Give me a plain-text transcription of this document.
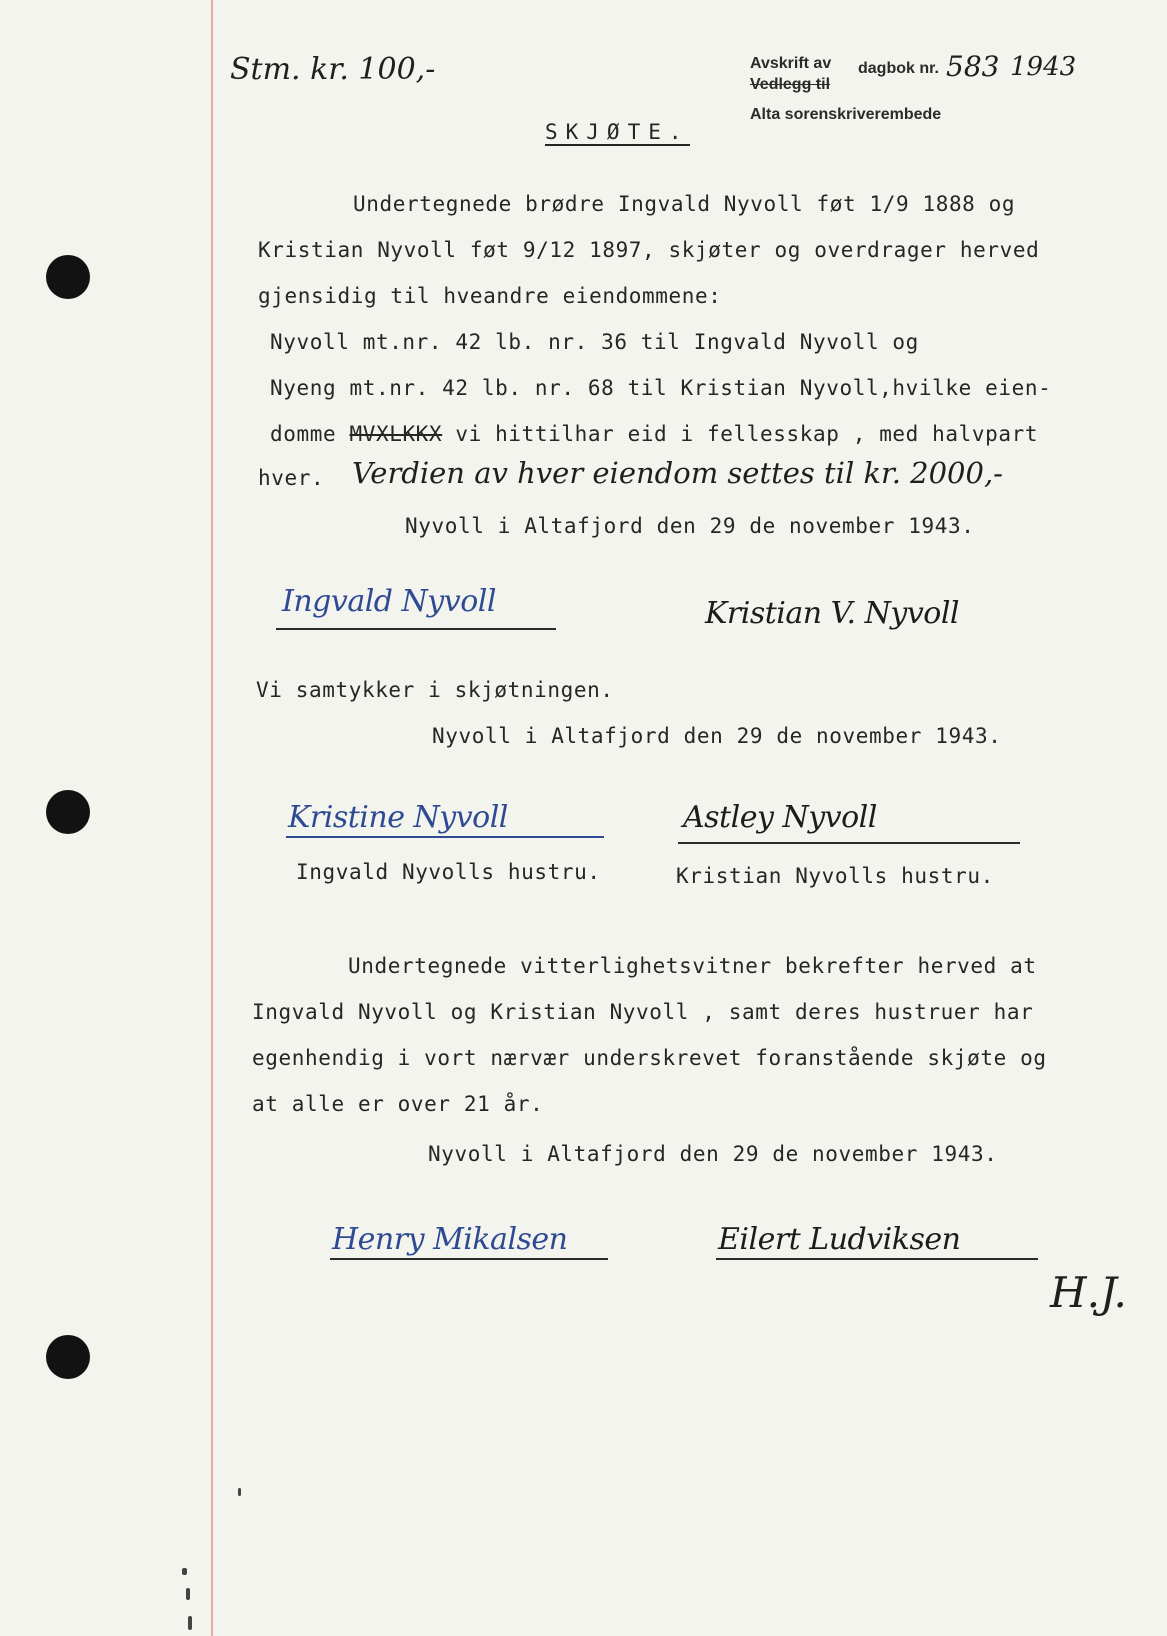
Stm. kr. 100,-	Avskrift av
Vedlegg til
dagbok nr. 583 1943
Alta sorenskriverembede
SKJØTE.
Undertegnede brødre Ingvald Nyvoll føt 1/9 1888 og
Kristian Nyvoll føt 9/12 1897, skjøter og overdrager herved
gjensidig til hveandre eiendommene:
Nyvoll mt.nr. 42 lb. nr. 36 til Ingvald Nyvoll og
Nyeng mt.nr. 42 lb. nr. 68 til Kristian Nyvoll,hvilke eien-
domme MVXLKKX vi hittilhar eid i fellesskap , med halvpart
hver. Verdien av hver eiendom settes til kr. 2000,-
Nyvoll i Altafjord den 29 de november 1943.
Ingvald Nyvoll	Kristian V. Nyvoll
Vi samtykker i skjøtningen.
Nyvoll i Altafjord den 29 de november 1943.
Kristine Nyvoll	Astley Nyvoll
Ingvald Nyvolls hustru.	Kristian Nyvolls hustru.
Undertegnede vitterlighetsvitner bekrefter herved at
Ingvald Nyvoll og Kristian Nyvoll , samt deres hustruer har
egenhendig i vort nærvær underskrevet foranstående skjøte og
at alle er over 21 år.
Nyvoll i Altafjord den 29 de november 1943.
Henry Mikalsen	Eilert Ludviksen
H.J.
